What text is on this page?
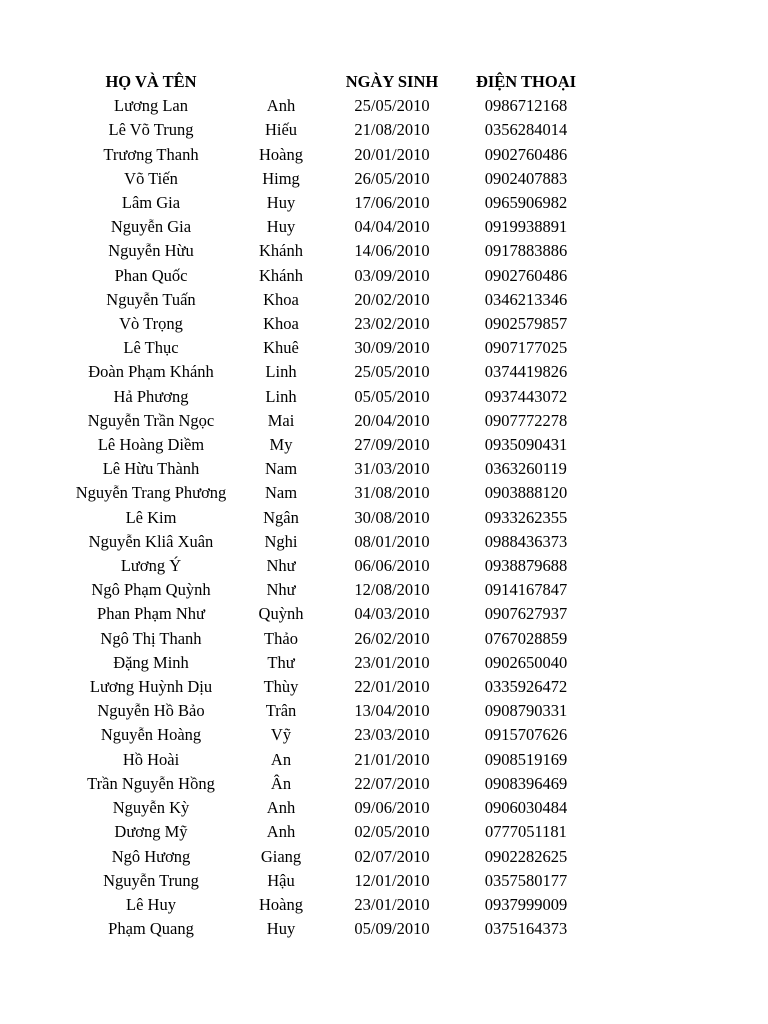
HỌ VÀ TÊN		NGÀY SINH	ĐIỆN THOẠI
Lương Lan	Anh	25/05/2010	0986712168
Lê Võ Trung	Hiếu	21/08/2010	0356284014
Trương Thanh	Hoàng	20/01/2010	0902760486
Võ Tiến	Himg	26/05/2010	0902407883
Lâm Gia	Huy	17/06/2010	0965906982
Nguyễn Gia	Huy	04/04/2010	0919938891
Nguyễn Hừu	Khánh	14/06/2010	0917883886
Phan Quốc	Khánh	03/09/2010	0902760486
Nguyễn Tuấn	Khoa	20/02/2010	0346213346
Vò Trọng	Khoa	23/02/2010	0902579857
Lê Thục	Khuê	30/09/2010	0907177025
Đoàn Phạm Khánh	Linh	25/05/2010	0374419826
Hả Phương	Linh	05/05/2010	0937443072
Nguyễn Trần Ngọc	Mai	20/04/2010	0907772278
Lê Hoàng Diềm	My	27/09/2010	0935090431
Lê Hừu Thành	Nam	31/03/2010	0363260119
Nguyễn Trang Phương	Nam	31/08/2010	0903888120
Lê Kim	Ngân	30/08/2010	0933262355
Nguyễn Kliâ Xuân	Nghi	08/01/2010	0988436373
Lương Ý	Như	06/06/2010	0938879688
Ngô Phạm Quỳnh	Như	12/08/2010	0914167847
Phan Phạm Như	Quỳnh	04/03/2010	0907627937
Ngô Thị Thanh	Thảo	26/02/2010	0767028859
Đặng Minh	Thư	23/01/2010	0902650040
Lương Huỳnh Dịu	Thùy	22/01/2010	0335926472
Nguyễn Hồ Bảo	Trân	13/04/2010	0908790331
Nguyễn Hoàng	Vỹ	23/03/2010	0915707626
Hồ Hoài	An	21/01/2010	0908519169
Trần Nguyễn Hồng	Ân	22/07/2010	0908396469
Nguyễn Kỳ	Anh	09/06/2010	0906030484
Dương Mỹ	Anh	02/05/2010	0777051181
Ngô Hương	Giang	02/07/2010	0902282625
Nguyễn Trung	Hậu	12/01/2010	0357580177
Lê Huy	Hoàng	23/01/2010	0937999009
Phạm Quang	Huy	05/09/2010	0375164373
